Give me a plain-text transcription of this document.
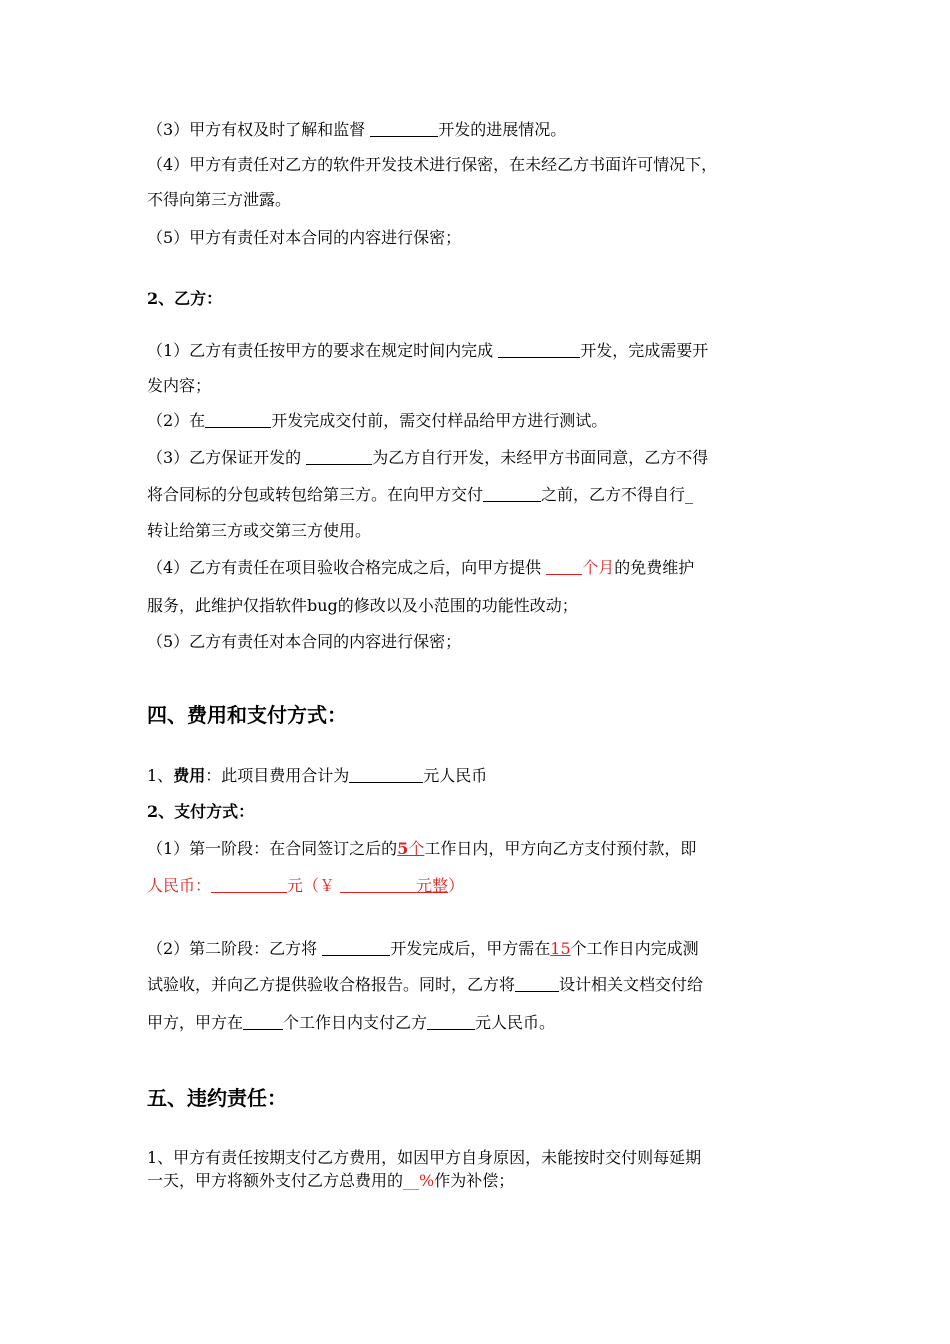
（3）甲方有权及时了解和监督	开发的进展情况。
（4）甲方有责任对乙方的软件开发技术进行保密，在未经乙方书面许可情况下，
不得向第三方泄露。
（5）甲方有责任对本合同的内容进行保密；
2、乙方：
（1）乙方有责任按甲方的要求在规定时间内完成	开发，完成需要开
发内容；
（2）在	开发完成交付前，需交付样品给甲方进行测试。
（3）乙方保证开发的	为乙方自行开发，未经甲方书面同意，乙方不得
将合同标的分包或转包给第三方。在向甲方交付	之前，乙方不得自行_
转让给第三方或交第三方使用。
（4）乙方有责任在项目验收合格完成之后，向甲方提供 个月的免费维护
服务，此维护仅指软件bug的修改以及小范围的功能性改动；
（5）乙方有责任对本合同的内容进行保密；
四、费用和支付方式：
1、费用：此项目费用合计为	元人民币
2、支付方式：
（1）第一阶段：在合同签订之后的5个工作日内，甲方向乙方支付预付款，即
人民币：	元（￥	元整）
（2）第二阶段：乙方将	开发完成后，甲方需在15个工作日内完成测
试验收，并向乙方提供验收合格报告。同时，乙方将	设计相关文档交付给
甲方，甲方在	个工作日内支付乙方	元人民币。
五、违约责任：
1、甲方有责任按期支付乙方费用，如因甲方自身原因，未能按时交付则每延期
一天，甲方将额外支付乙方总费用的__%作为补偿；
